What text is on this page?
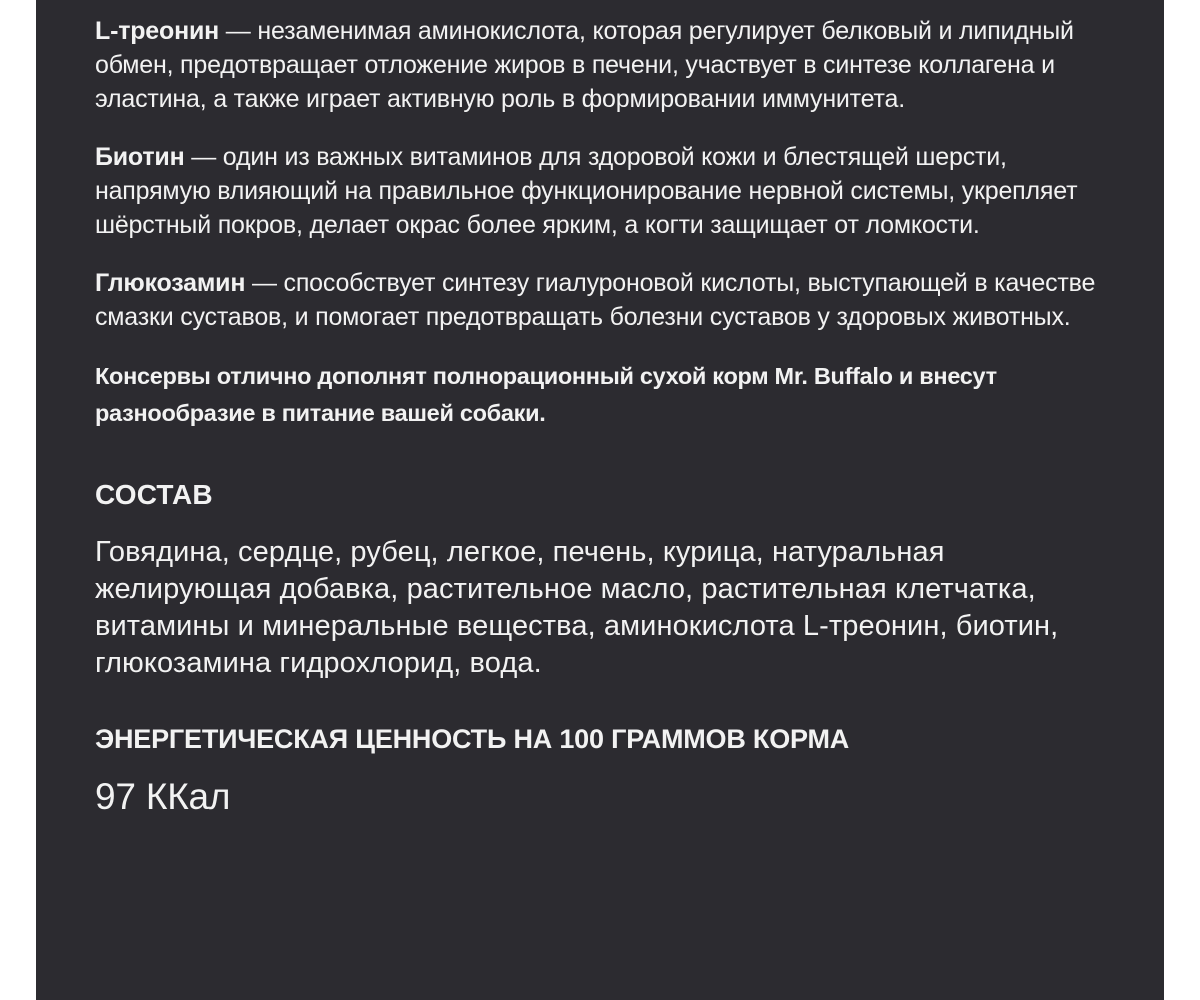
L-треонин — незаменимая аминокислота, которая регулирует белковый и липидный обмен, предотвращает отложение жиров в печени, участвует в синтезе коллагена и эластина, а также играет активную роль в формировании иммунитета.

Биотин — один из важных витаминов для здоровой кожи и блестящей шерсти, напрямую влияющий на правильное функционирование нервной системы, укрепляет шёрстный покров, делает окрас более ярким, а когти защищает от ломкости.

Глюкозамин — способствует синтезу гиалуроновой кислоты, выступающей в качестве смазки суставов, и помогает предотвращать болезни суставов у здоровых животных.

Консервы отлично дополнят полнорационный сухой корм Mr. Buffalo и внесут разнообразие в питание вашей собаки.

СОСТАВ

Говядина, сердце, рубец, легкое, печень, курица, натуральная желирующая добавка, растительное масло, растительная клетчатка, витамины и минеральные вещества, аминокислота L-треонин, биотин, глюкозамина гидрохлорид, вода.

ЭНЕРГЕТИЧЕСКАЯ ЦЕННОСТЬ НА 100 ГРАММОВ КОРМА

97 ККал
